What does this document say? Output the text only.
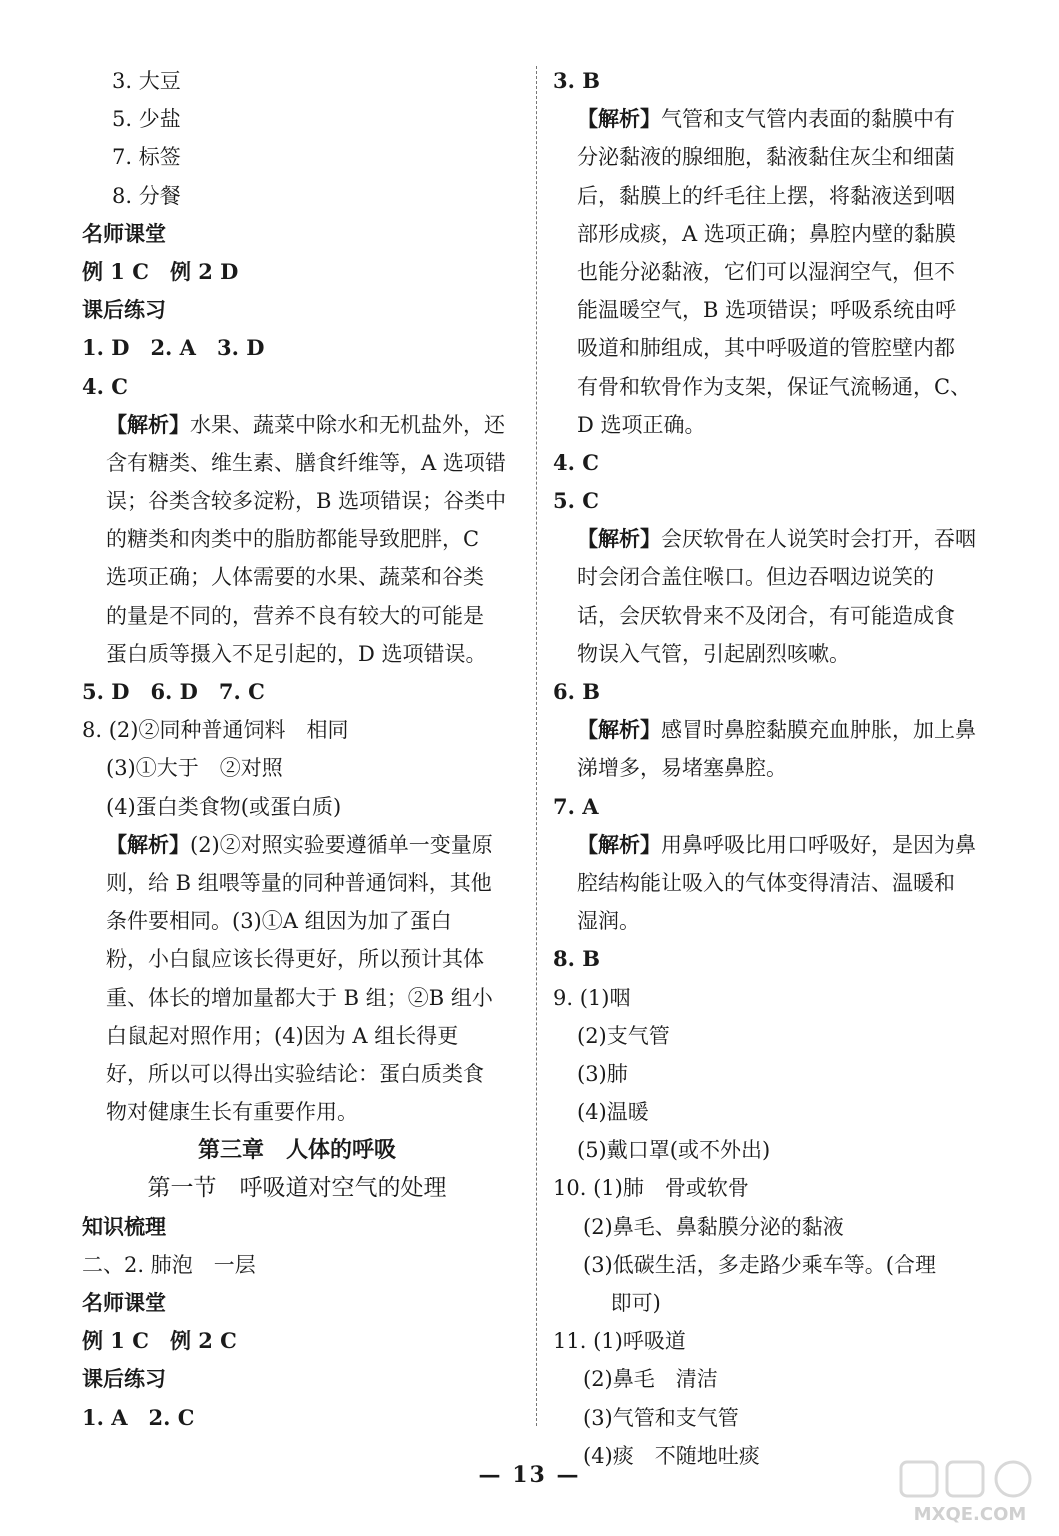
3. 大豆
5. 少盐
7. 标签
8. 分餐
名师课堂
例 1 C　例 2 D
课后练习
1. D　2. A　3. D
4. C
【解析】水果、蔬菜中除水和无机盐外，还
含有糖类、维生素、膳食纤维等，A 选项错
误；谷类含较多淀粉，B 选项错误；谷类中
的糖类和肉类中的脂肪都能导致肥胖，C
选项正确；人体需要的水果、蔬菜和谷类
的量是不同的，营养不良有较大的可能是
蛋白质等摄入不足引起的，D 选项错误。
5. D　6. D　7. C
8. (2)②同种普通饲料　相同
(3)①大于　②对照
(4)蛋白类食物(或蛋白质)
【解析】(2)②对照实验要遵循单一变量原
则，给 B 组喂等量的同种普通饲料，其他
条件要相同。(3)①A 组因为加了蛋白
粉，小白鼠应该长得更好，所以预计其体
重、体长的增加量都大于 B 组；②B 组小
白鼠起对照作用；(4)因为 A 组长得更
好，所以可以得出实验结论：蛋白质类食
物对健康生长有重要作用。
第三章　人体的呼吸
第一节　呼吸道对空气的处理
知识梳理
二、2. 肺泡　一层
名师课堂
例 1 C　例 2 C
课后练习
1. A　2. C
3. B
【解析】气管和支气管内表面的黏膜中有
分泌黏液的腺细胞，黏液黏住灰尘和细菌
后，黏膜上的纤毛往上摆，将黏液送到咽
部形成痰，A 选项正确；鼻腔内壁的黏膜
也能分泌黏液，它们可以湿润空气，但不
能温暖空气，B 选项错误；呼吸系统由呼
吸道和肺组成，其中呼吸道的管腔壁内都
有骨和软骨作为支架，保证气流畅通，C、
D 选项正确。
4. C
5. C
【解析】会厌软骨在人说笑时会打开，吞咽
时会闭合盖住喉口。但边吞咽边说笑的
话，会厌软骨来不及闭合，有可能造成食
物误入气管，引起剧烈咳嗽。
6. B
【解析】感冒时鼻腔黏膜充血肿胀，加上鼻
涕增多，易堵塞鼻腔。
7. A
【解析】用鼻呼吸比用口呼吸好，是因为鼻
腔结构能让吸入的气体变得清洁、温暖和
湿润。
8. B
9. (1)咽
(2)支气管
(3)肺
(4)温暖
(5)戴口罩(或不外出)
10. (1)肺　骨或软骨
(2)鼻毛、鼻黏膜分泌的黏液
(3)低碳生活，多走路少乘车等。(合理
　 即可)
11. (1)呼吸道
(2)鼻毛　清洁
(3)气管和支气管
(4)痰　不随地吐痰
— 13 —
MXQE.COM
